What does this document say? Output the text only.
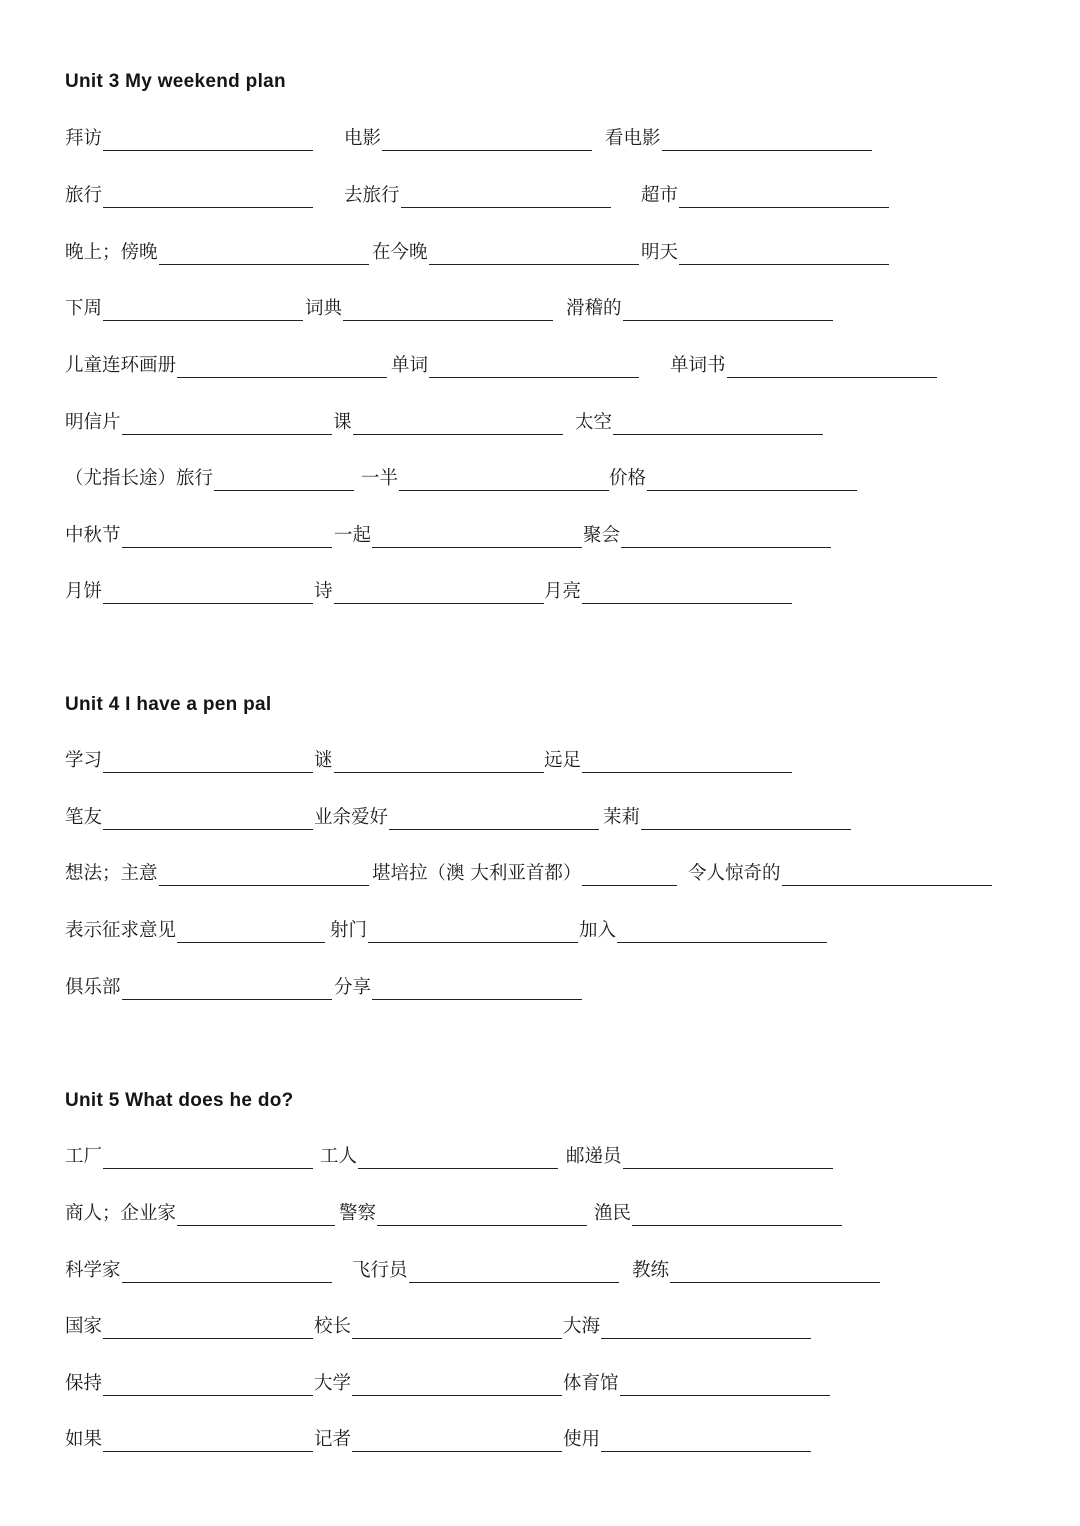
Unit 3 My weekend plan
Unit 4 I have a pen pal
Unit 5 What does he do?
拜访	电影	看电影
旅行	去旅行	超市
晚上；傍晚	在今晚	明天
下周	词典	滑稽的
儿童连环画册	单词	单词书
明信片	课	太空
（尤指长途）旅行	一半	价格
中秋节	一起	聚会
月饼	诗	月亮
学习	谜	远足
笔友	业余爱好	茉莉
想法；主意	堪培拉（澳 大利亚首都）	令人惊奇的
表示征求意见	射门	加入
俱乐部	分享
工厂	工人	邮递员
商人；企业家	警察	渔民
科学家	飞行员	教练
国家	校长	大海
保持	大学	体育馆
如果	记者	使用
